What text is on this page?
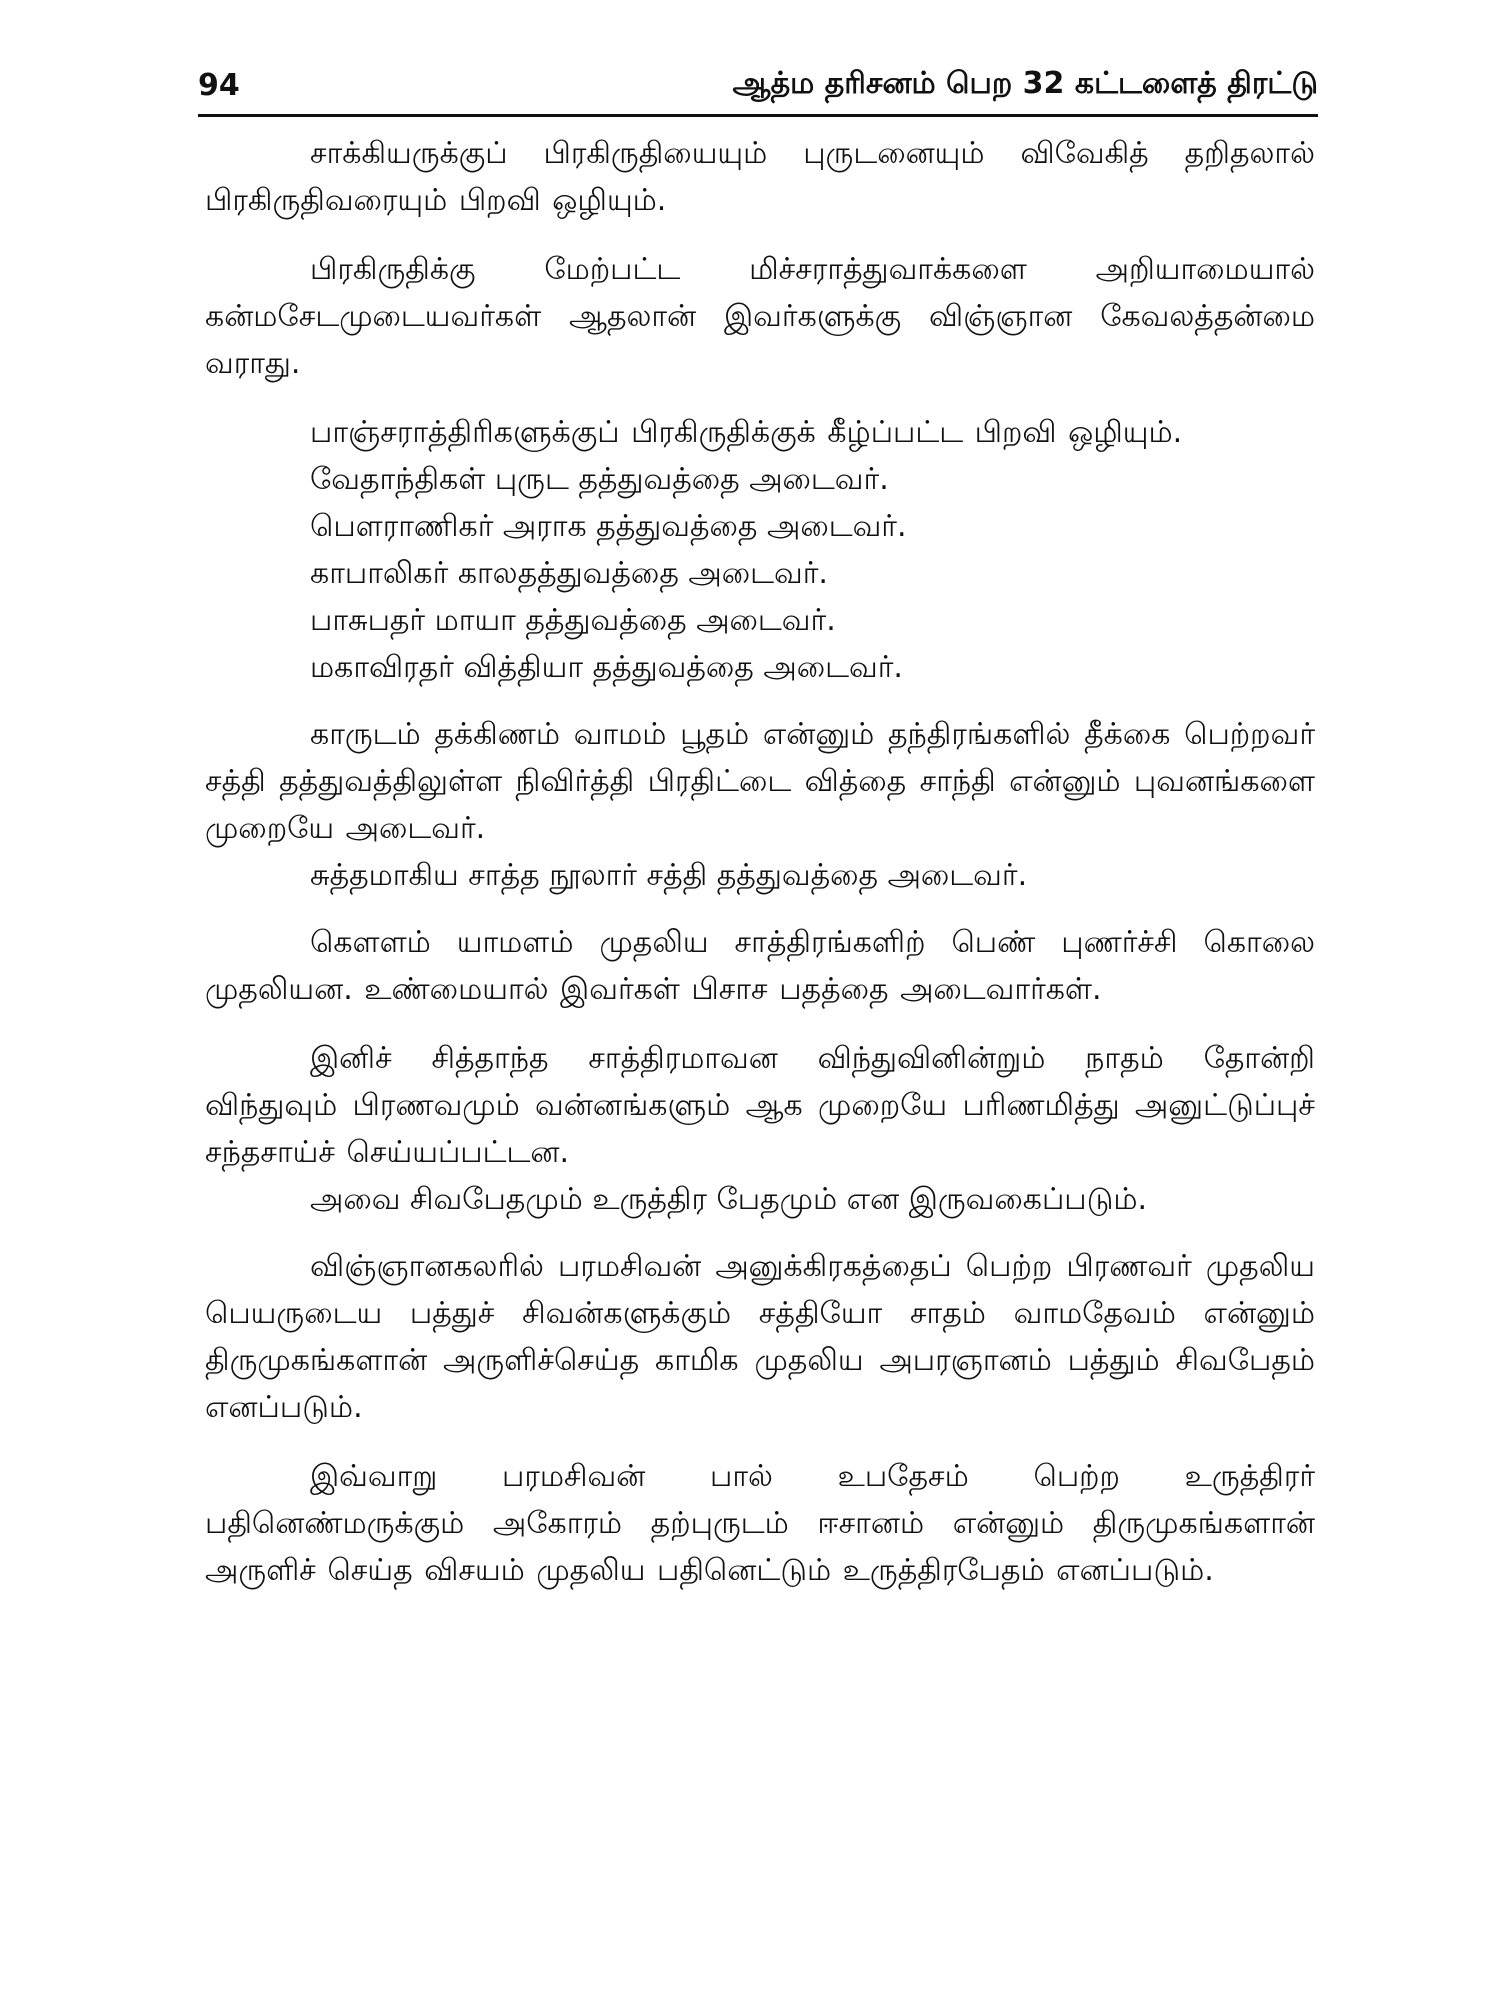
94	ஆத்ம தரிசனம் பெற 32 கட்டளைத் திரட்டு

சாக்கியருக்குப் பிரகிருதியையும் புருடனையும் விவேகித் தறிதலால் பிரகிருதிவரையும் பிறவி ஒழியும்.

பிரகிருதிக்கு மேற்பட்ட மிச்சராத்துவாக்களை அறியாமையால் கன்மசேடமுடையவர்கள் ஆதலான் இவர்களுக்கு விஞ்ஞான கேவலத்தன்மை வராது.

பாஞ்சராத்திரிகளுக்குப் பிரகிருதிக்குக் கீழ்ப்பட்ட பிறவி ஒழியும்.

வேதாந்திகள் புருட தத்துவத்தை அடைவர்.

பௌராணிகர் அராக தத்துவத்தை அடைவர்.

காபாலிகர் காலதத்துவத்தை அடைவர்.

பாசுபதர் மாயா தத்துவத்தை அடைவர்.

மகாவிரதர் வித்தியா தத்துவத்தை அடைவர்.

காருடம் தக்கிணம் வாமம் பூதம் என்னும் தந்திரங்களில் தீக்கை பெற்றவர் சத்தி தத்துவத்திலுள்ள நிவிர்த்தி பிரதிட்டை வித்தை சாந்தி என்னும் புவனங்களை முறையே அடைவர்.

சுத்தமாகிய சாத்த நூலார் சத்தி தத்துவத்தை அடைவர்.

கௌளம் யாமளம் முதலிய சாத்திரங்களிற் பெண் புணர்ச்சி கொலை முதலியன. உண்மையால் இவர்கள் பிசாச பதத்தை அடைவார்கள்.

இனிச் சித்தாந்த சாத்திரமாவன விந்துவினின்றும் நாதம் தோன்றி விந்துவும் பிரணவமும் வன்னங்களும் ஆக முறையே பரிணமித்து அனுட்டுப்புச் சந்தசாய்ச் செய்யப்பட்டன.

அவை சிவபேதமும் உருத்திர பேதமும் என இருவகைப்படும்.

விஞ்ஞானகலரில் பரமசிவன் அனுக்கிரகத்தைப் பெற்ற பிரணவர் முதலிய பெயருடைய பத்துச் சிவன்களுக்கும் சத்தியோ சாதம் வாமதேவம் என்னும் திருமுகங்களான் அருளிச்செய்த காமிக முதலிய அபரஞானம் பத்தும் சிவபேதம் எனப்படும்.

இவ்வாறு பரமசிவன் பால் உபதேசம் பெற்ற உருத்திரர் பதினெண்மருக்கும் அகோரம் தற்புருடம் ஈசானம் என்னும் திருமுகங்களான் அருளிச் செய்த விசயம் முதலிய பதினெட்டும் உருத்திரபேதம் எனப்படும்.
